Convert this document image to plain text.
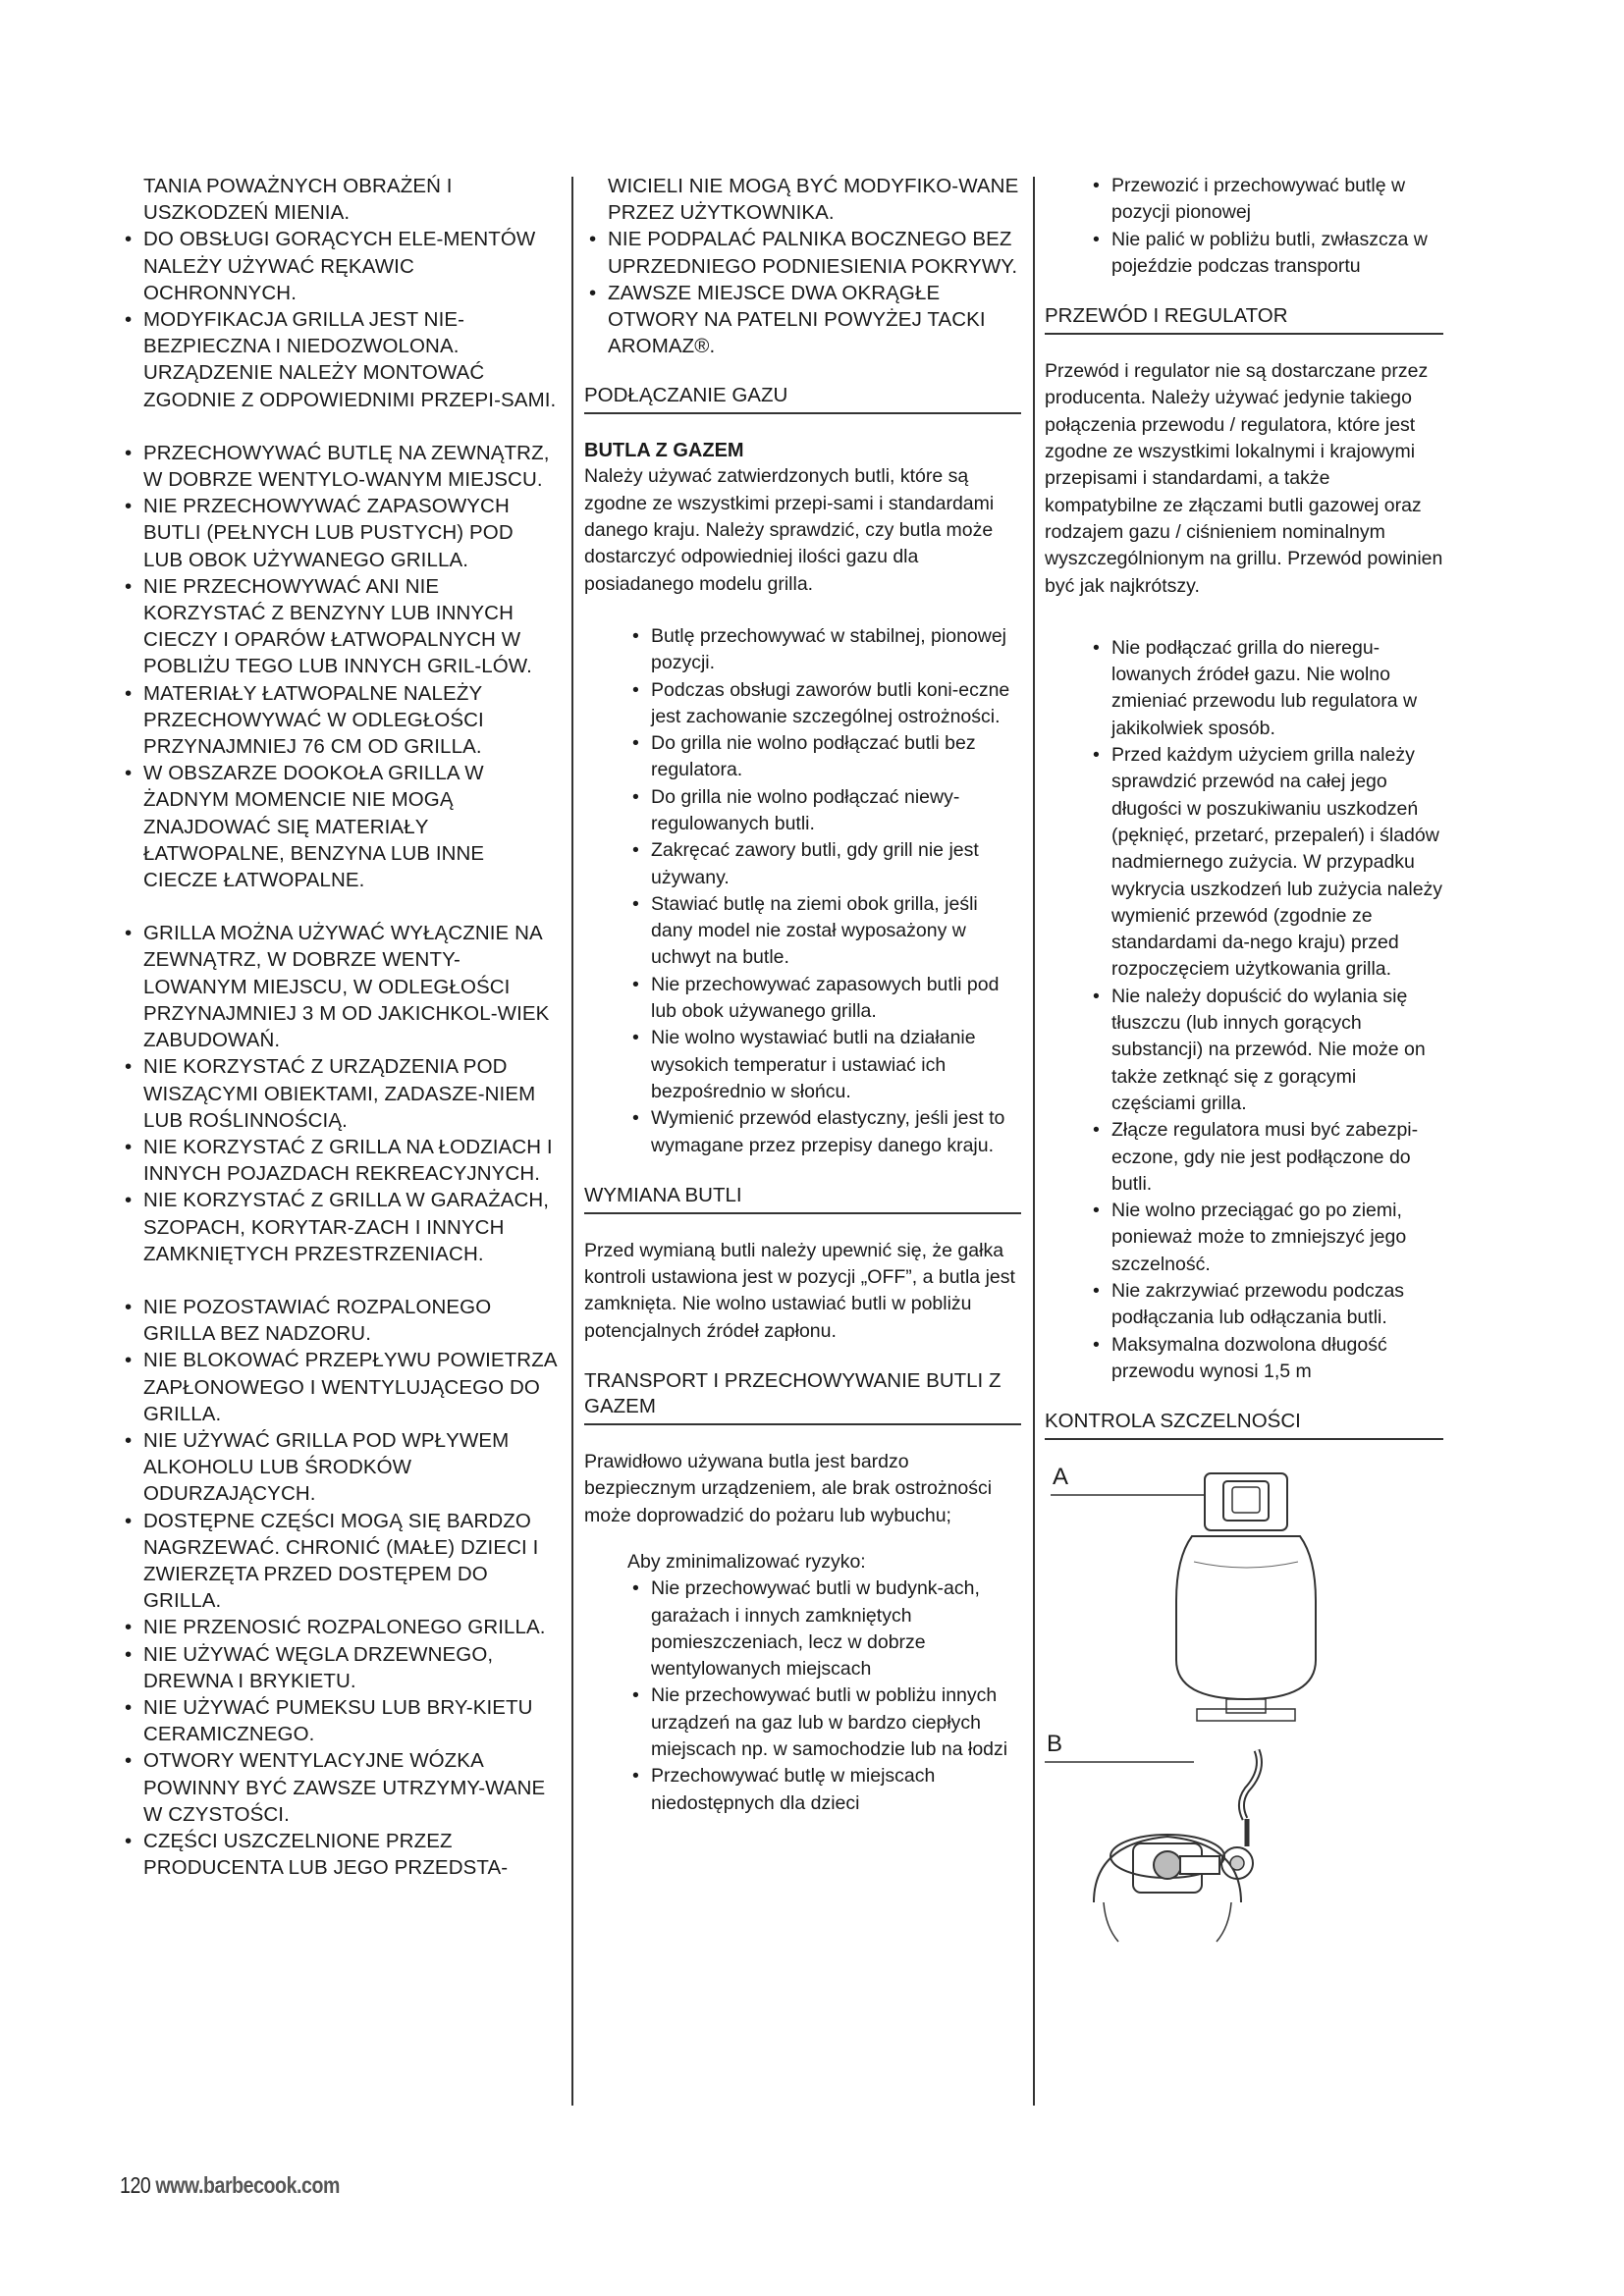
TANIA POWAŻNYCH OBRAŻEŃ I
USZKODZEŃ MIENIA.
• DO OBSŁUGI GORĄCYCH ELE-MENTÓW NALEŻY UŻYWAĆ RĘKAWIC OCHRONNYCH.
• MODYFIKACJA GRILLA JEST NIE-BEZPIECZNA I NIEDOZWOLONA. URZĄDZENIE NALEŻY MONTOWAĆ ZGODNIE Z ODPOWIEDNIMI PRZEPI-SAMI.
• PRZECHOWYWAĆ BUTLĘ NA ZEWNĄTRZ, W DOBRZE WENTYLO-WANYM MIEJSCU.
• NIE PRZECHOWYWAĆ ZAPASOWYCH BUTLI (PEŁNYCH LUB PUSTYCH) POD LUB OBOK UŻYWANEGO GRILLA.
• NIE PRZECHOWYWAĆ ANI NIE KORZYSTAĆ Z BENZYNY LUB INNYCH CIECZY I OPARÓW ŁATWOPALNYCH W POBLIŻU TEGO LUB INNYCH GRIL-LÓW.
• MATERIAŁY ŁATWOPALNE NALEŻY PRZECHOWYWAĆ W ODLEGŁOŚCI PRZYNAJMNIEJ 76 CM OD GRILLA.
• W OBSZARZE DOOKOŁA GRILLA W ŻADNYM MOMENCIE NIE MOGĄ ZNAJDOWAĆ SIĘ MATERIAŁY ŁATWOPALNE, BENZYNA LUB INNE CIECZE ŁATWOPALNE.
• GRILLA MOŻNA UŻYWAĆ WYŁĄCZNIE NA ZEWNĄTRZ, W DOBRZE WENTY-LOWANYM MIEJSCU, W ODLEGŁOŚCI PRZYNAJMNIEJ 3 M OD JAKICHKOL-WIEK ZABUDOWAŃ.
• NIE KORZYSTAĆ Z URZĄDZENIA POD WISZĄCYMI OBIEKTAMI, ZADASZE-NIEM LUB ROŚLINNOŚCIĄ.
• NIE KORZYSTAĆ Z GRILLA NA ŁODZIACH I INNYCH POJAZDACH REKREACYJNYCH.
• NIE KORZYSTAĆ Z GRILLA W GARAŻACH, SZOPACH, KORYTAR-ZACH I INNYCH ZAMKNIĘTYCH PRZESTRZENIACH.
• NIE POZOSTAWIAĆ ROZPALONEGO GRILLA BEZ NADZORU.
• NIE BLOKOWAĆ PRZEPŁYWU POWIETRZA ZAPŁONOWEGO I WENTYLUJĄCEGO DO GRILLA.
• NIE UŻYWAĆ GRILLA POD WPŁYWEM ALKOHOLU LUB ŚRODKÓW ODURZAJĄCYCH.
• DOSTĘPNE CZĘŚCI MOGĄ SIĘ BARDZO NAGRZEWAĆ. CHRONIĆ (MAŁE) DZIECI I ZWIERZĘTA PRZED DOSTĘPEM DO GRILLA.
• NIE PRZENOSIĆ ROZPALONEGO GRILLA.
• NIE UŻYWAĆ WĘGLA DRZEWNEGO, DREWNA I BRYKIETU.
• NIE UŻYWAĆ PUMEKSU LUB BRY-KIETU CERAMICZNEGO.
• OTWORY WENTYLACYJNE WÓZKA POWINNY BYĆ ZAWSZE UTRZYMY-WANE W CZYSTOŚCI.
• CZĘŚCI USZCZELNIONE PRZEZ PRODUCENTA LUB JEGO PRZEDSTA-
WICIELI NIE MOGĄ BYĆ MODYFIKO-WANE PRZEZ UŻYTKOWNIKA.
• NIE PODPALAĆ PALNIKA BOCZNEGO BEZ UPRZEDNIEGO PODNIESIENIA POKRYWY.
• ZAWSZE MIEJSCE DWA OKRĄGŁE OTWORY NA PATELNI POWYŻEJ TACKI AROMAZ®.
PODŁĄCZANIE GAZU
BUTLA Z GAZEM

Należy używać zatwierdzonych butli, które są zgodne ze wszystkimi przepi-sami i standardami danego kraju. Należy sprawdzić, czy butla może dostarczyć odpowiedniej ilości gazu dla posiadanego modelu grilla.

• Butlę przechowywać w stabilnej, pionowej pozycji.
• Podczas obsługi zaworów butli koni-eczne jest zachowanie szczególnej ostrożności.
• Do grilla nie wolno podłączać butli bez regulatora.
• Do grilla nie wolno podłączać niewy-regulowanych butli.
• Zakręcać zawory butli, gdy grill nie jest używany.
• Stawiać butlę na ziemi obok grilla, jeśli dany model nie został wyposażony w uchwyt na butle.
• Nie przechowywać zapasowych butli pod lub obok używanego grilla.
• Nie wolno wystawiać butli na działanie wysokich temperatur i ustawiać ich bezpośrednio w słońcu.
• Wymienić przewód elastyczny, jeśli jest to wymagane przez przepisy danego kraju.
WYMIANA BUTLI

Przed wymianą butli należy upewnić się, że gałka kontroli ustawiona jest w pozycji „OFF”, a butla jest zamknięta. Nie wolno ustawiać butli w pobliżu potencjalnych źródeł zapłonu.

TRANSPORT I PRZECHOWYWANIE BUTLI Z GAZEM

Prawidłowo używana butla jest bardzo bezpiecznym urządzeniem, ale brak ostrożności może doprowadzić do pożaru lub wybuchu;

Aby zminimalizować ryzyko:
• Nie przechowywać butli w budynk-ach, garażach i innych zamkniętych pomieszczeniach, lecz w dobrze wentylowanych miejscach
• Nie przechowywać butli w pobliżu innych urządzeń na gaz lub w bardzo ciepłych miejscach np. w samochodzie lub na łodzi
• Przechowywać butlę w miejscach niedostępnych dla dzieci
• Przewozić i przechowywać butlę w pozycji pionowej
• Nie palić w pobliżu butli, zwłaszcza w pojeździe podczas transportu
PRZEWÓD I REGULATOR

Przewód i regulator nie są dostarczane przez producenta. Należy używać jedynie takiego połączenia przewodu / regulatora, które jest zgodne ze wszystkimi lokalnymi i krajowymi przepisami i standardami, a także kompatybilne ze złączami butli gazowej oraz rodzajem gazu / ciśnieniem nominalnym wyszczególnionym na grillu. Przewód powinien być jak najkrótszy.

• Nie podłączać grilla do nieregu-lowanych źródeł gazu. Nie wolno zmieniać przewodu lub regulatora w jakikolwiek sposób.
• Przed każdym użyciem grilla należy sprawdzić przewód na całej jego długości w poszukiwaniu uszkodzeń (pęknięć, przetarć, przepaleń) i śladów nadmiernego zużycia. W przypadku wykrycia uszkodzeń lub zużycia należy wymienić przewód (zgodnie ze standardami da-nego kraju) przed rozpoczęciem użytkowania grilla.
• Nie należy dopuścić do wylania się tłuszczu (lub innych gorących substancji) na przewód. Nie może on także zetknąć się z gorącymi częściami grilla.
• Złącze regulatora musi być zabezpi-eczone, gdy nie jest podłączone do butli.
• Nie wolno przeciągać go po ziemi, ponieważ może to zmniejszyć jego szczelność.
• Nie zakrzywiać przewodu podczas podłączania lub odłączania butli.
• Maksymalna dozwolona długość przewodu wynosi 1,5 m
KONTROLA SZCZELNOŚCI
A
B
120 www.barbecook.com
